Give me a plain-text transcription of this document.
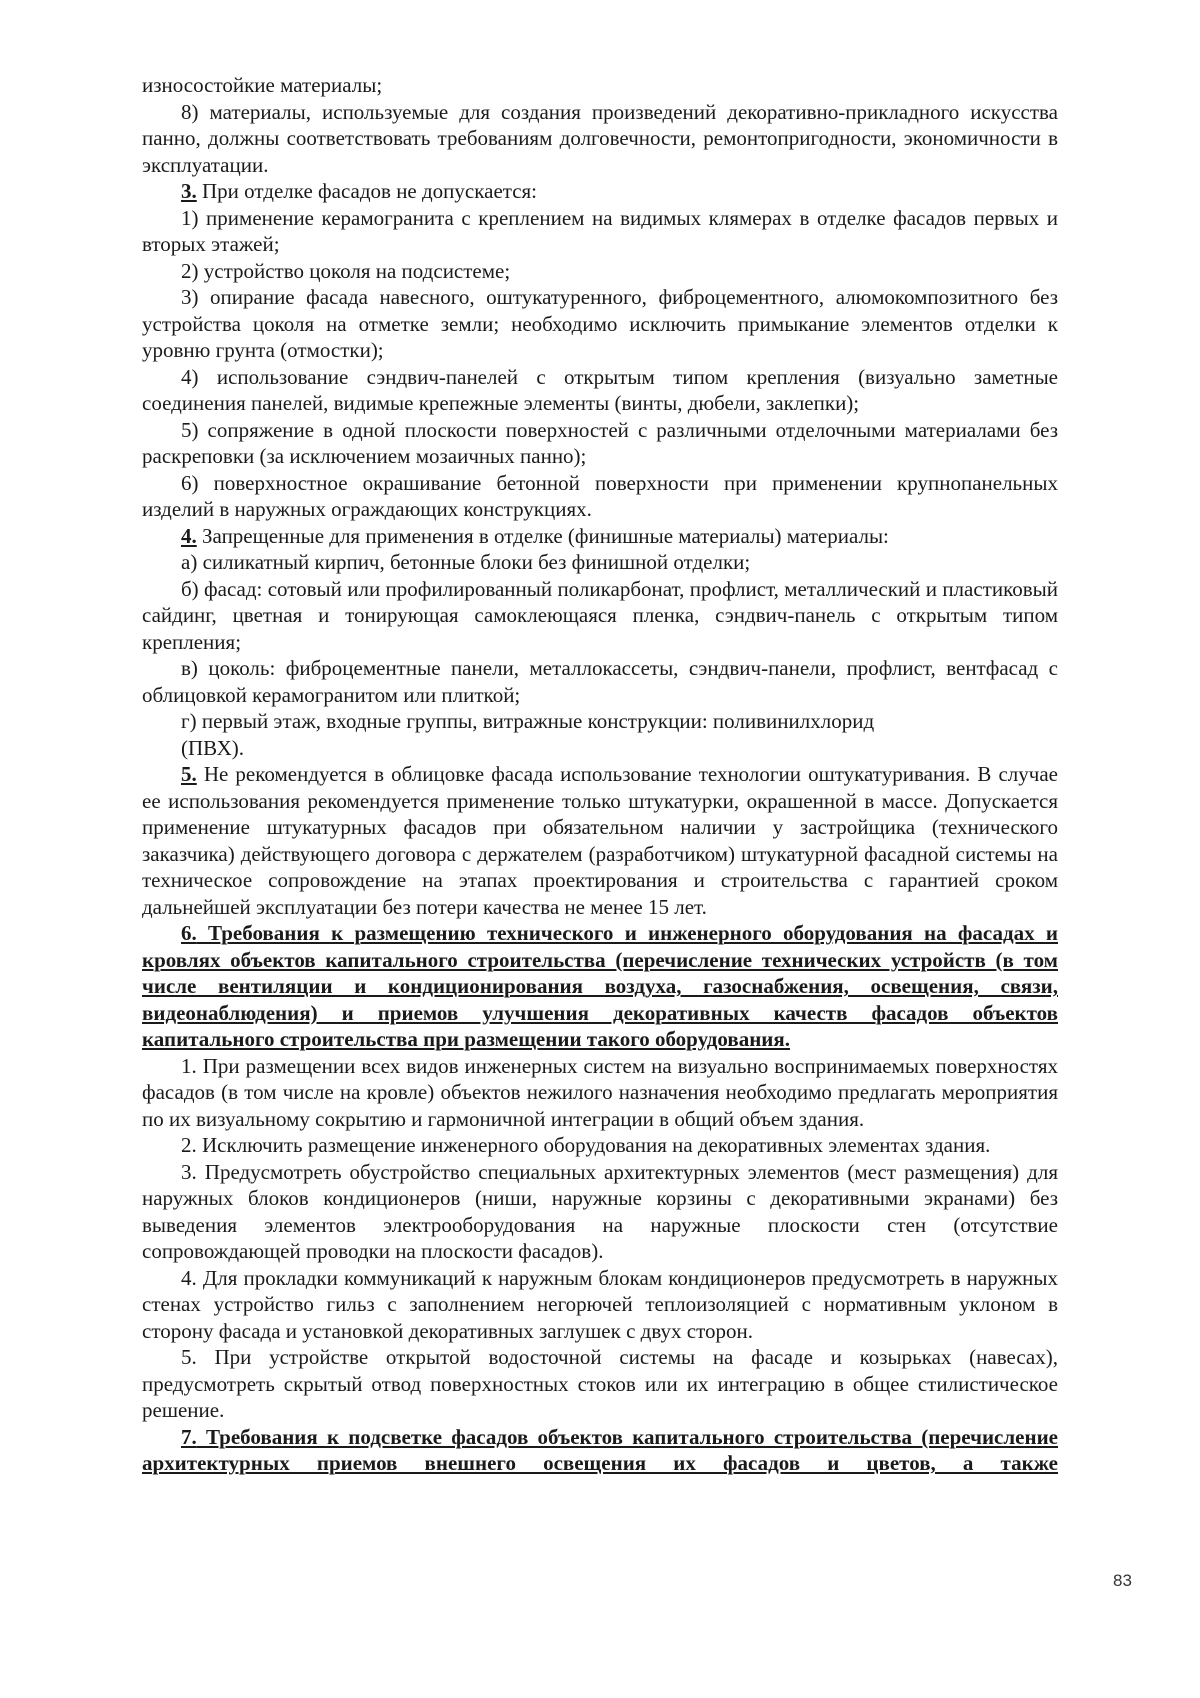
износостойкие материалы;

8) материалы, используемые для создания произведений декоративно-прикладного искусства панно, должны соответствовать требованиям долговечности, ремонтопригодности, экономичности в эксплуатации.

3. При отделке фасадов не допускается:

1) применение керамогранита с креплением на видимых клямерах в отделке фасадов первых и вторых этажей;

2) устройство цоколя на подсистеме;

3) опирание фасада навесного, оштукатуренного, фиброцементного, алюмокомпозитного без устройства цоколя на отметке земли; необходимо исключить примыкание элементов отделки к уровню грунта (отмостки);

4) использование сэндвич-панелей с открытым типом крепления (визуально заметные соединения панелей, видимые крепежные элементы (винты, дюбели, заклепки);

5) сопряжение в одной плоскости поверхностей с различными отделочными материалами без раскреповки (за исключением мозаичных панно);

6) поверхностное окрашивание бетонной поверхности при применении крупнопанельных изделий в наружных ограждающих конструкциях.

4. Запрещенные для применения в отделке (финишные материалы) материалы:

а) силикатный кирпич, бетонные блоки без финишной отделки;

б) фасад: сотовый или профилированный поликарбонат, профлист, металлический и пластиковый сайдинг, цветная и тонирующая самоклеющаяся пленка, сэндвич-панель с открытым типом крепления;

в) цоколь: фиброцементные панели, металлокассеты, сэндвич-панели, профлист, вентфасад с облицовкой керамогранитом или плиткой;

г) первый этаж, входные группы, витражные конструкции: поливинилхлорид

(ПВХ).

5. Не рекомендуется в облицовке фасада использование технологии оштукатуривания. В случае ее использования рекомендуется применение только штукатурки, окрашенной в массе. Допускается применение штукатурных фасадов при обязательном наличии у застройщика (технического заказчика) действующего договора с держателем (разработчиком) штукатурной фасадной системы на техническое сопровождение на этапах проектирования и строительства с гарантией сроком дальнейшей эксплуатации без потери качества не менее 15 лет.

6. Требования к размещению технического и инженерного оборудования на фасадах и кровлях объектов капитального строительства (перечисление технических устройств (в том числе вентиляции и кондиционирования воздуха, газоснабжения, освещения, связи, видеонаблюдения) и приемов улучшения декоративных качеств фасадов объектов капитального строительства при размещении такого оборудования.

1. При размещении всех видов инженерных систем на визуально воспринимаемых поверхностях фасадов (в том числе на кровле) объектов нежилого назначения необходимо предлагать мероприятия по их визуальному сокрытию и гармоничной интеграции в общий объем здания.

2. Исключить размещение инженерного оборудования на декоративных элементах здания.

3. Предусмотреть обустройство специальных архитектурных элементов (мест размещения) для наружных блоков кондиционеров (ниши, наружные корзины с декоративными экранами) без выведения элементов электрооборудования на наружные плоскости стен (отсутствие сопровождающей проводки на плоскости фасадов).

4. Для прокладки коммуникаций к наружным блокам кондиционеров предусмотреть в наружных стенах устройство гильз с заполнением негорючей теплоизоляцией с нормативным уклоном в сторону фасада и установкой декоративных заглушек с двух сторон.

5. При устройстве открытой водосточной системы на фасаде и козырьках (навесах), предусмотреть скрытый отвод поверхностных стоков или их интеграцию в общее стилистическое решение.

7. Требования к подсветке фасадов объектов капитального строительства (перечисление архитектурных приемов внешнего освещения их фасадов и цветов, а также

83
